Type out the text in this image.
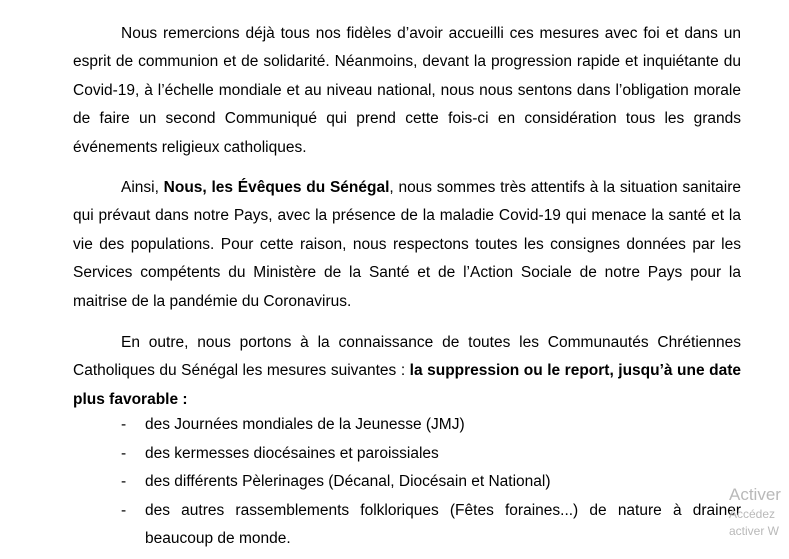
Nous remercions déjà tous nos fidèles d’avoir accueilli ces mesures avec foi et dans un esprit de communion et de solidarité. Néanmoins, devant la progression rapide et inquiétante du Covid-19, à l’échelle mondiale et au niveau national, nous nous sentons dans l’obligation morale de faire un second Communiqué qui prend cette fois-ci en considération tous les grands événements religieux catholiques.

Ainsi, Nous, les Évêques du Sénégal, nous sommes très attentifs à la situation sanitaire qui prévaut dans notre Pays, avec la présence de la maladie Covid-19 qui menace la santé et la vie des populations. Pour cette raison, nous respectons toutes les consignes données par les Services compétents du Ministère de la Santé et de l’Action Sociale de notre Pays pour la maitrise de la pandémie du Coronavirus.

En outre, nous portons à la connaissance de toutes les Communautés Chrétiennes Catholiques du Sénégal les mesures suivantes : la suppression ou le report, jusqu’à une date plus favorable :

- des Journées mondiales de la Jeunesse (JMJ)
- des kermesses diocésaines et paroissiales
- des différents Pèlerinages (Décanal, Diocésain et National)
- des autres rassemblements folkloriques (Fêtes foraines...) de nature à drainer beaucoup de monde.
Activer
Accédez
activer W
